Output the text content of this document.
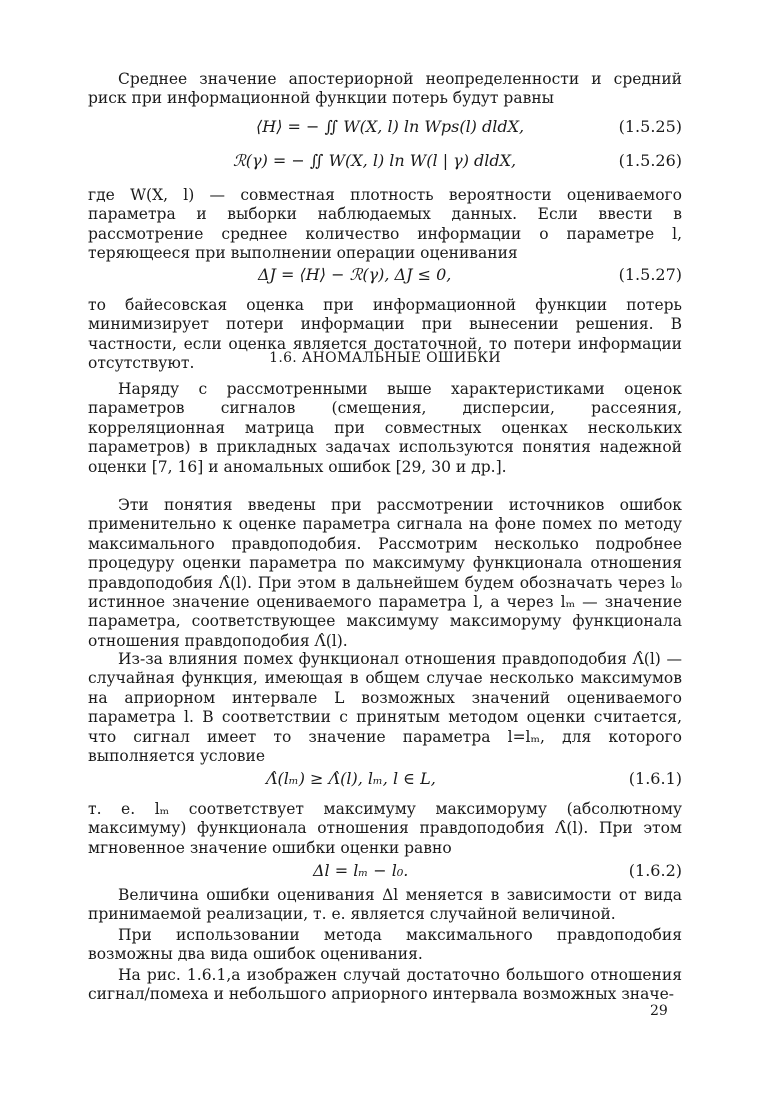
Среднее значение апостериорной неопределенности и средний риск при информационной функции потерь будут равны

⟨H⟩ = − ∬ W(X, l) ln Wps(l) dldX,	(1.5.25)
ℛ(γ) = − ∬ W(X, l) ln W(l | γ) dldX,	(1.5.26)

где W(X, l) — совместная плотность вероятности оцениваемого параметра и выборки наблюдаемых данных. Если ввести в рассмотрение среднее количество информации о параметре l, теряющееся при выполнении операции оценивания

ΔJ = ⟨H⟩ − ℛ(γ), ΔJ ≤ 0,	(1.5.27)

то байесовская оценка при информационной функции потерь минимизирует потери информации при вынесении решения. В частности, если оценка является достаточной, то потери информации отсутствуют.	1.6. АНОМАЛЬНЫЕ ОШИБКИ

Наряду с рассмотренными выше характеристиками оценок параметров сигналов (смещения, дисперсии, рассеяния, корреляционная матрица при совместных оценках нескольких параметров) в прикладных задачах используются понятия надежной оценки [7, 16] и аномальных ошибок [29, 30 и др.].

Эти понятия введены при рассмотрении источников ошибок применительно к оценке параметра сигнала на фоне помех по методу максимального правдоподобия. Рассмотрим несколько подробнее процедуру оценки параметра по максимуму функционала отношения правдоподобия Λ̂(l). При этом в дальнейшем будем обозначать через l₀ истинное значение оцениваемого параметра l, а через lₘ — значение параметра, соответствующее максимуму максиморуму функционала отношения правдоподобия Λ̂(l).

Из-за влияния помех функционал отношения правдоподобия Λ̂(l) — случайная функция, имеющая в общем случае несколько максимумов на априорном интервале L возможных значений оцениваемого параметра l. В соответствии с принятым методом оценки считается, что сигнал имеет то значение параметра l=lₘ, для которого выполняется условие

Λ̂(lₘ) ≥ Λ̂(l), lₘ, l ∈ L,	(1.6.1)

т. е. lₘ соответствует максимуму максиморуму (абсолютному максимуму) функционала отношения правдоподобия Λ̂(l). При этом мгновенное значение ошибки оценки равно

Δl = lₘ − l₀.	(1.6.2)

Величина ошибки оценивания Δl меняется в зависимости от вида принимаемой реализации, т. е. является случайной величиной.

При использовании метода максимального правдоподобия возможны два вида ошибок оценивания.

На рис. 1.6.1,а изображен случай достаточно большого отношения сигнал/помеха и небольшого априорного интервала возможных значе-

29
